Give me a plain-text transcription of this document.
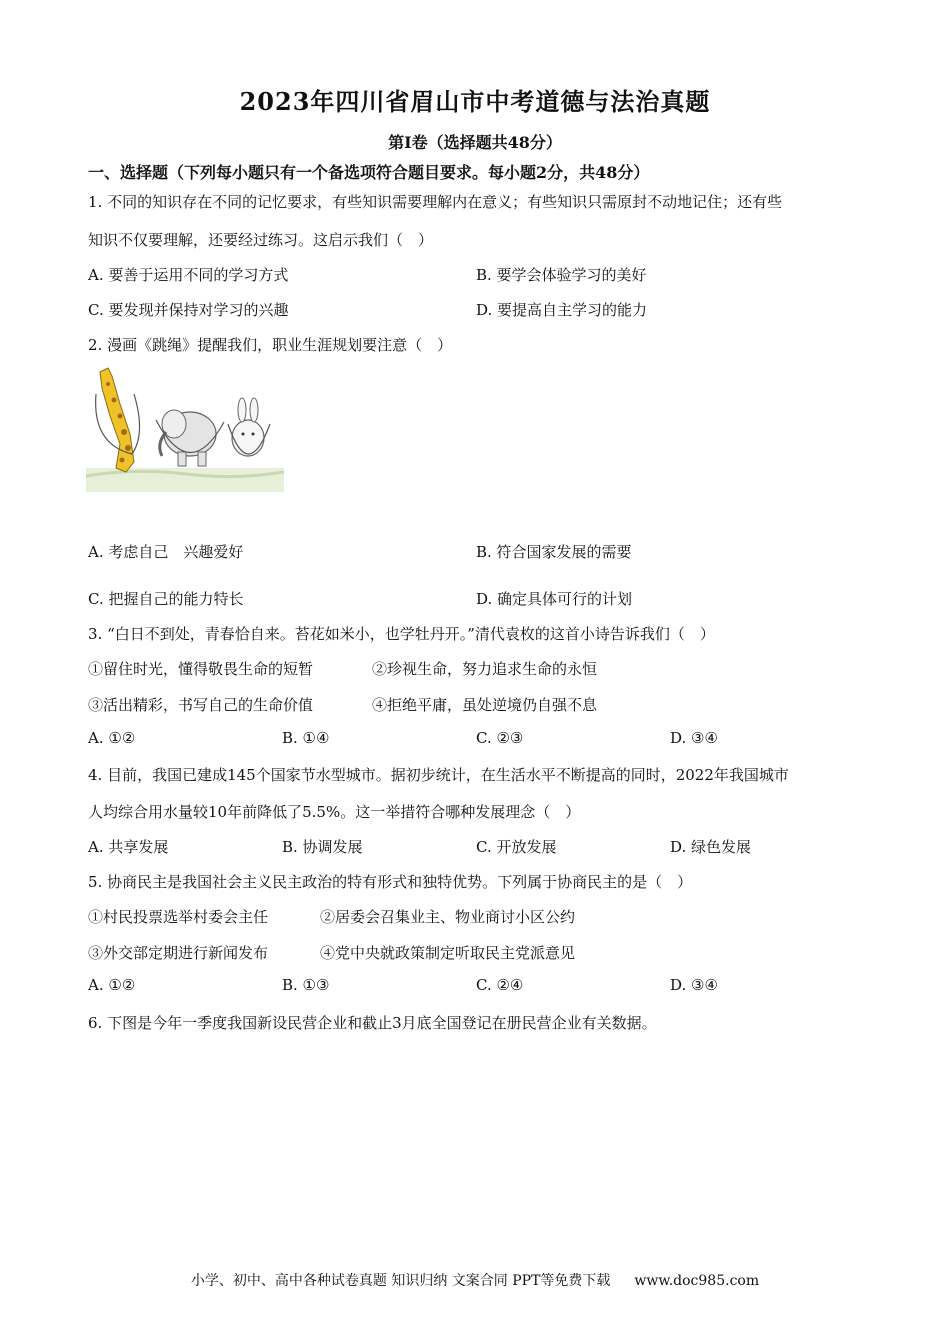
2023年四川省眉山市中考道德与法治真题
第I卷（选择题共48分）
一、选择题（下列每小题只有一个备选项符合题目要求。每小题2分，共48分）
1. 不同的知识存在不同的记忆要求，有些知识需要理解内在意义；有些知识只需原封不动地记住；还有些
知识不仅要理解，还要经过练习。这启示我们（　）
A. 要善于运用不同的学习方式	B. 要学会体验学习的美好
C. 要发现并保持对学习的兴趣	D. 要提高自主学习的能力
2. 漫画《跳绳》提醒我们，职业生涯规划要注意（　）
A. 考虑自己　兴趣爱好	B. 符合国家发展的需要
C. 把握自己的能力特长	D. 确定具体可行的计划
3. “白日不到处，青春恰自来。苔花如米小，也学牡丹开。”清代袁枚的这首小诗告诉我们（　）
①留住时光，懂得敬畏生命的短暂	②珍视生命，努力追求生命的永恒
③活出精彩，书写自己的生命价值	④拒绝平庸，虽处逆境仍自强不息
A. ①②	B. ①④	C. ②③	D. ③④
4. 目前，我国已建成145个国家节水型城市。据初步统计，在生活水平不断提高的同时，2022年我国城市
人均综合用水量较10年前降低了5.5%。这一举措符合哪种发展理念（　）
A. 共享发展	B. 协调发展	C. 开放发展	D. 绿色发展
5. 协商民主是我国社会主义民主政治的特有形式和独特优势。下列属于协商民主的是（　）
①村民投票选举村委会主任	②居委会召集业主、物业商讨小区公约
③外交部定期进行新闻发布	④党中央就政策制定听取民主党派意见
A. ①②	B. ①③	C. ②④	D. ③④
6. 下图是今年一季度我国新设民营企业和截止3月底全国登记在册民营企业有关数据。
小学、初中、高中各种试卷真题 知识归纳 文案合同 PPT等免费下载 www.doc985.com
